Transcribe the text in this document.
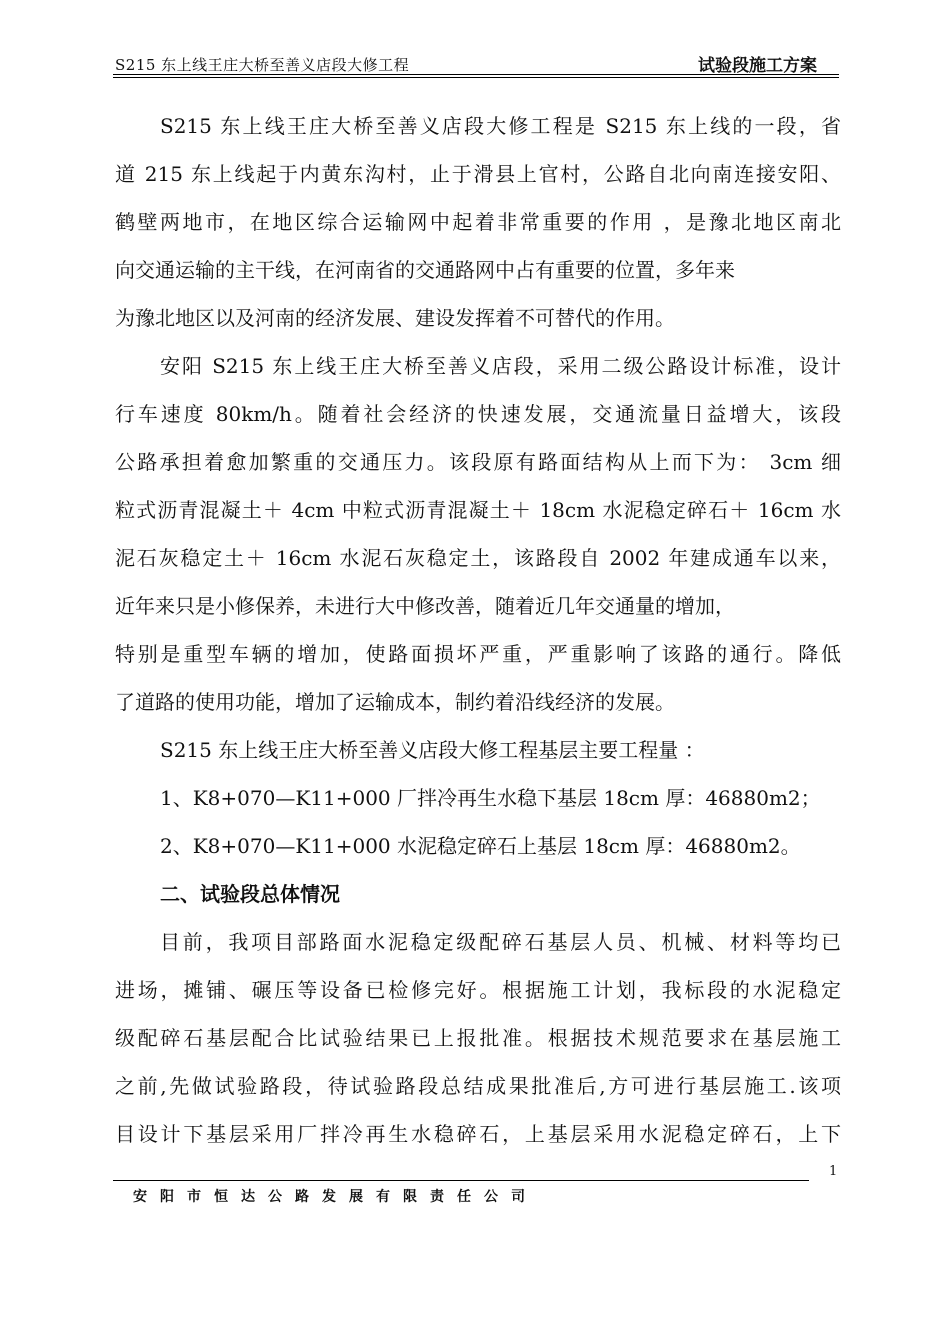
S215 东上线王庄大桥至善义店段大修工程	试验段施工方案
S215 东上线王庄大桥至善义店段大修工程是 S215 东上线的一段，省
道 215 东上线起于内黄东沟村，止于滑县上官村，公路自北向南连接安阳、
鹤壁两地市，在地区综合运输网中起着非常重要的作用 ，是豫北地区南北
向交通运输的主干线，在河南省的交通路网中占有重要的位置，多年来
为豫北地区以及河南的经济发展、建设发挥着不可替代的作用。
安阳 S215 东上线王庄大桥至善义店段，采用二级公路设计标准，设计
行车速度 80km/h。随着社会经济的快速发展，交通流量日益增大，该段
公路承担着愈加繁重的交通压力。该段原有路面结构从上而下为： 3cm 细
粒式沥青混凝土＋ 4cm 中粒式沥青混凝土＋ 18cm 水泥稳定碎石＋ 16cm 水
泥石灰稳定土＋ 16cm 水泥石灰稳定土，该路段自 2002 年建成通车以来，
近年来只是小修保养，未进行大中修改善，随着近几年交通量的增加，
特别是重型车辆的增加，使路面损坏严重，严重影响了该路的通行。降低
了道路的使用功能，增加了运输成本，制约着沿线经济的发展。
S215 东上线王庄大桥至善义店段大修工程基层主要工程量 ：
1、K8+070—K11+000 厂拌冷再生水稳下基层 18cm 厚：46880m2；
2、K8+070—K11+000 水泥稳定碎石上基层 18cm 厚：46880m2。
二、试验段总体情况
目前，我项目部路面水泥稳定级配碎石基层人员、机械、材料等均已
进场，摊铺、碾压等设备已检修完好。根据施工计划，我标段的水泥稳定
级配碎石基层配合比试验结果已上报批准。根据技术规范要求在基层施工
之前,先做试验路段，待试验路段总结成果批准后,方可进行基层施工.该项
目设计下基层采用厂拌冷再生水稳碎石，上基层采用水泥稳定碎石，上下
1
安阳市恒达公路发展有限责任公司
